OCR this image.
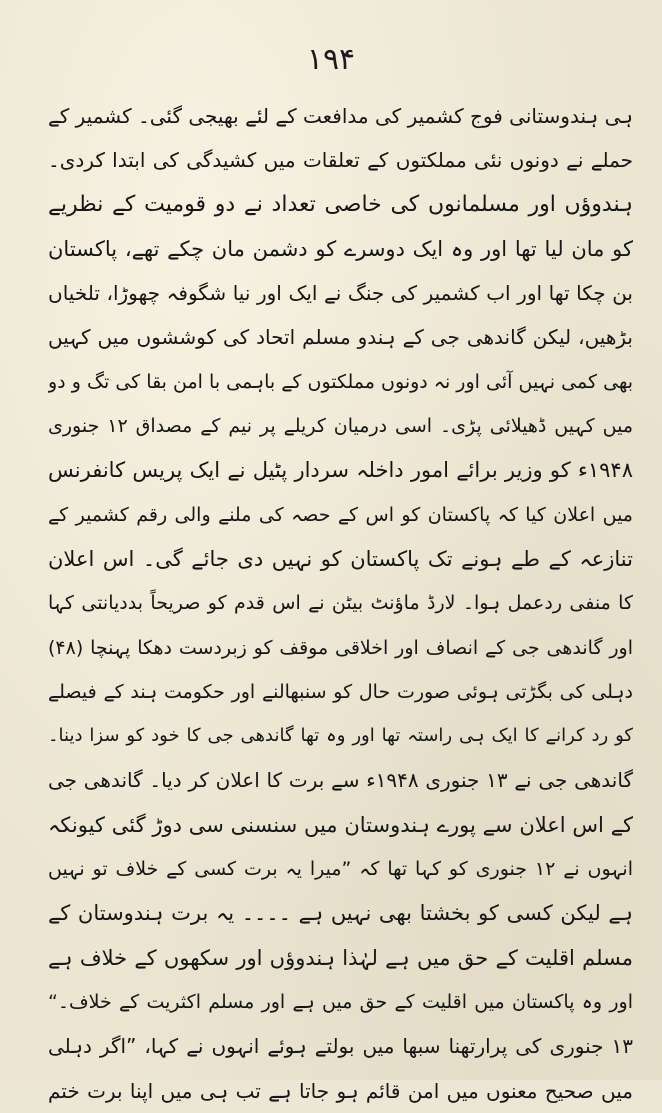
۱۹۴
ہی ہندوستانی فوج کشمیر کی مدافعت کے لئے بھیجی گئی۔ کشمیر کے
حملے نے دونوں نئی مملکتوں کے تعلقات میں کشیدگی کی ابتدا کردی۔
ہندوؤں اور مسلمانوں کی خاصی تعداد نے دو قومیت کے نظریے
کو مان لیا تھا اور وہ ایک دوسرے کو دشمن مان چکے تھے، پاکستان
بن چکا تھا اور اب کشمیر کی جنگ نے ایک اور نیا شگوفہ چھوڑا، تلخیاں
بڑھیں، لیکن گاندھی جی کے ہندو مسلم اتحاد کی کوششوں میں کہیں
بھی کمی نہیں آئی اور نہ دونوں مملکتوں کے باہمی با امن بقا کی تگ و دو
میں کہیں ڈھیلائی پڑی۔ اسی درمیان کریلے پر نیم کے مصداق ۱۲ جنوری
۱۹۴۸ء کو وزیر برائے امور داخلہ سردار پٹیل نے ایک پریس کانفرنس
میں اعلان کیا کہ پاکستان کو اس کے حصہ کی ملنے والی رقم کشمیر کے
تنازعہ کے طے ہونے تک پاکستان کو نہیں دی جائے گی۔ اس اعلان
کا منفی ردعمل ہوا۔ لارڈ ماؤنٹ بیٹن نے اس قدم کو صریحاً بددیانتی کہا
اور گاندھی جی کے انصاف اور اخلاقی موقف کو زبردست دھکا پہنچا (۴۸)
دہلی کی بگڑتی ہوئی صورت حال کو سنبھالنے اور حکومت ہند کے فیصلے
کو رد کرانے کا ایک ہی راستہ تھا اور وہ تھا گاندھی جی کا خود کو سزا دینا۔
گاندھی جی نے ۱۳ جنوری ۱۹۴۸ء سے برت کا اعلان کر دیا۔ گاندھی جی
کے اس اعلان سے پورے ہندوستان میں سنسنی سی دوڑ گئی کیونکہ
انہوں نے ۱۲ جنوری کو کہا تھا کہ ”میرا یہ برت کسی کے خلاف تو نہیں
ہے لیکن کسی کو بخشتا بھی نہیں ہے ۔۔۔۔ یہ برت ہندوستان کے
مسلم اقلیت کے حق میں ہے لہٰذا ہندوؤں اور سکھوں کے خلاف ہے
اور وہ پاکستان میں اقلیت کے حق میں ہے اور مسلم اکثریت کے خلاف۔“
۱۳ جنوری کی پرارتھنا سبھا میں بولتے ہوئے انہوں نے کہا، ”اگر دہلی
میں صحیح معنوں میں امن قائم ہو جاتا ہے تب ہی میں اپنا برت ختم
